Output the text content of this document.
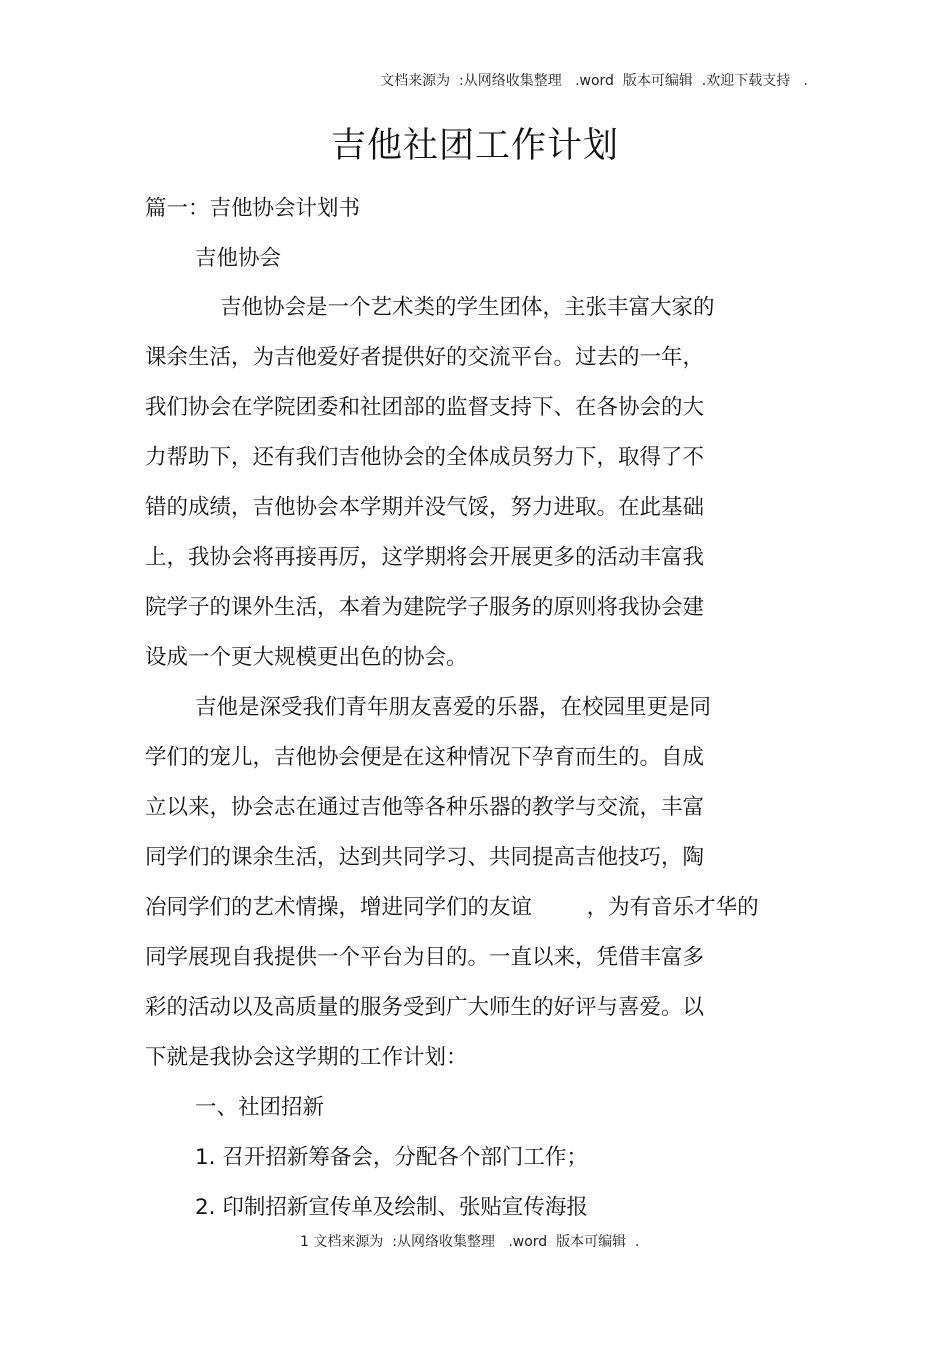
文档来源为  :从网络收集整理   .word  版本可编辑  .欢迎下载支持   .
吉他社团工作计划
篇一：吉他协会计划书
吉他协会
吉他协会是一个艺术类的学生团体，主张丰富大家的
课余生活，为吉他爱好者提供好的交流平台。过去的一年，
我们协会在学院团委和社团部的监督支持下、在各协会的大
力帮助下，还有我们吉他协会的全体成员努力下，取得了不
错的成绩，吉他协会本学期并没气馁，努力进取。在此基础
上，我协会将再接再厉，这学期将会开展更多的活动丰富我
院学子的课外生活，本着为建院学子服务的原则将我协会建
设成一个更大规模更出色的协会。
吉他是深受我们青年朋友喜爱的乐器，在校园里更是同
学们的宠儿，吉他协会便是在这种情况下孕育而生的。自成
立以来，协会志在通过吉他等各种乐器的教学与交流，丰富
同学们的课余生活，达到共同学习、共同提高吉他技巧，陶
冶同学们的艺术情操，增进同学们的友谊        ，为有音乐才华的
同学展现自我提供一个平台为目的。一直以来，凭借丰富多
彩的活动以及高质量的服务受到广大师生的好评与喜爱。以
下就是我协会这学期的工作计划：
一、社团招新
1. 召开招新筹备会，分配各个部门工作；
2. 印制招新宣传单及绘制、张贴宣传海报
1 文档来源为  :从网络收集整理   .word  版本可编辑  .
